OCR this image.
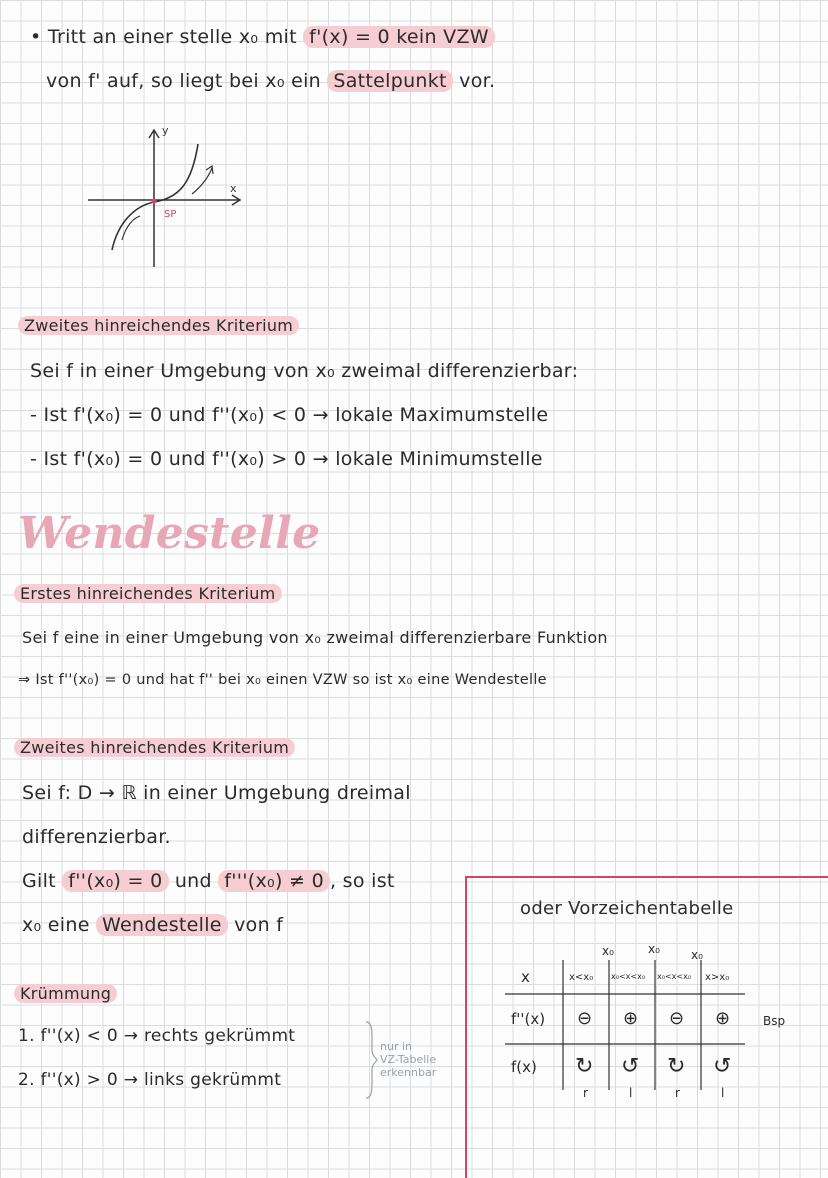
• Tritt an einer stelle x₀ mit f'(x) = 0 kein VZW
von f' auf, so liegt bei x₀ ein Sattelpunkt vor.
y
x
SP
Zweites hinreichendes Kriterium
Sei f in einer Umgebung von x₀ zweimal differenzierbar:
- Ist f'(x₀) = 0 und f''(x₀) < 0 → lokale Maximumstelle
- Ist f'(x₀) = 0 und f''(x₀) > 0 → lokale Minimumstelle
Wendestelle
Erstes hinreichendes Kriterium
Sei f eine in einer Umgebung von x₀ zweimal differenzierbare Funktion
⇒ Ist f''(x₀) = 0 und hat f'' bei x₀ einen VZW so ist x₀ eine Wendestelle
Zweites hinreichendes Kriterium
Sei f: D → ℝ in einer Umgebung dreimal
differenzierbar.
Gilt f''(x₀) = 0 und f'''(x₀) ≠ 0 , so ist
x₀ eine Wendestelle von f
Krümmung
1. f''(x) < 0 → rechts gekrümmt
2. f''(x) > 0 → links gekrümmt
nur in
VZ-Tabelle
erkennbar
oder Vorzeichentabelle
x₀	x₀	x₀
x	x<x₀ x₀<x<x₀ x₀<x<x₀ x>x₀
f''(x) ⊖ ⊕ ⊖ ⊕	Bsp
f(x) ↻ ↺ ↻ ↺
r	l	r	l
